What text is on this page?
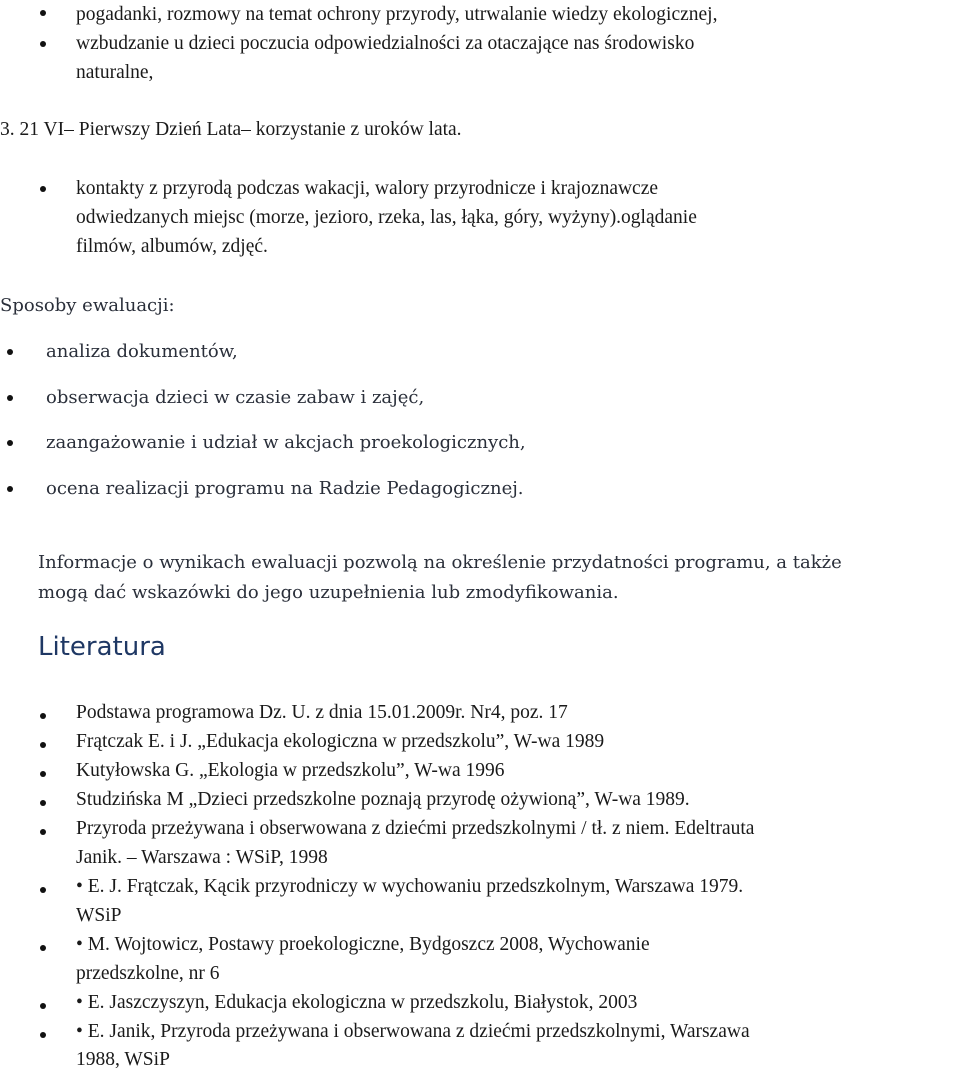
pogadanki, rozmowy na temat ochrony przyrody, utrwalanie wiedzy ekologicznej,
wzbudzanie u dzieci poczucia odpowiedzialności za otaczające nas środowisko
naturalne,
3. 21 VI– Pierwszy Dzień Lata– korzystanie z uroków lata.
kontakty z przyrodą podczas wakacji, walory przyrodnicze i krajoznawcze
odwiedzanych miejsc (morze, jezioro, rzeka, las, łąka, góry, wyżyny).oglądanie
filmów, albumów, zdjęć.
Sposoby ewaluacji:
analiza dokumentów,
obserwacja dzieci w czasie zabaw i zajęć,
zaangażowanie i udział w akcjach proekologicznych,
ocena realizacji programu na Radzie Pedagogicznej.
Informacje o wynikach ewaluacji pozwolą na określenie przydatności programu, a także
mogą dać wskazówki do jego uzupełnienia lub zmodyfikowania.
Literatura
Podstawa programowa Dz. U. z dnia 15.01.2009r. Nr4, poz. 17
Frątczak E. i J. „Edukacja ekologiczna w przedszkolu”, W-wa 1989
Kutyłowska G. „Ekologia w przedszkolu”, W-wa 1996
Studzińska M „Dzieci przedszkolne poznają przyrodę ożywioną”, W-wa 1989.
Przyroda przeżywana i obserwowana z dziećmi przedszkolnymi / tł. z niem. Edeltrauta
Janik. – Warszawa : WSiP, 1998
• E. J. Frątczak, Kącik przyrodniczy w wychowaniu przedszkolnym, Warszawa 1979.
WSiP
• M. Wojtowicz, Postawy proekologiczne, Bydgoszcz 2008, Wychowanie
przedszkolne, nr 6
• E. Jaszczyszyn, Edukacja ekologiczna w przedszkolu, Białystok, 2003
• E. Janik, Przyroda przeżywana i obserwowana z dziećmi przedszkolnymi, Warszawa
1988, WSiP
